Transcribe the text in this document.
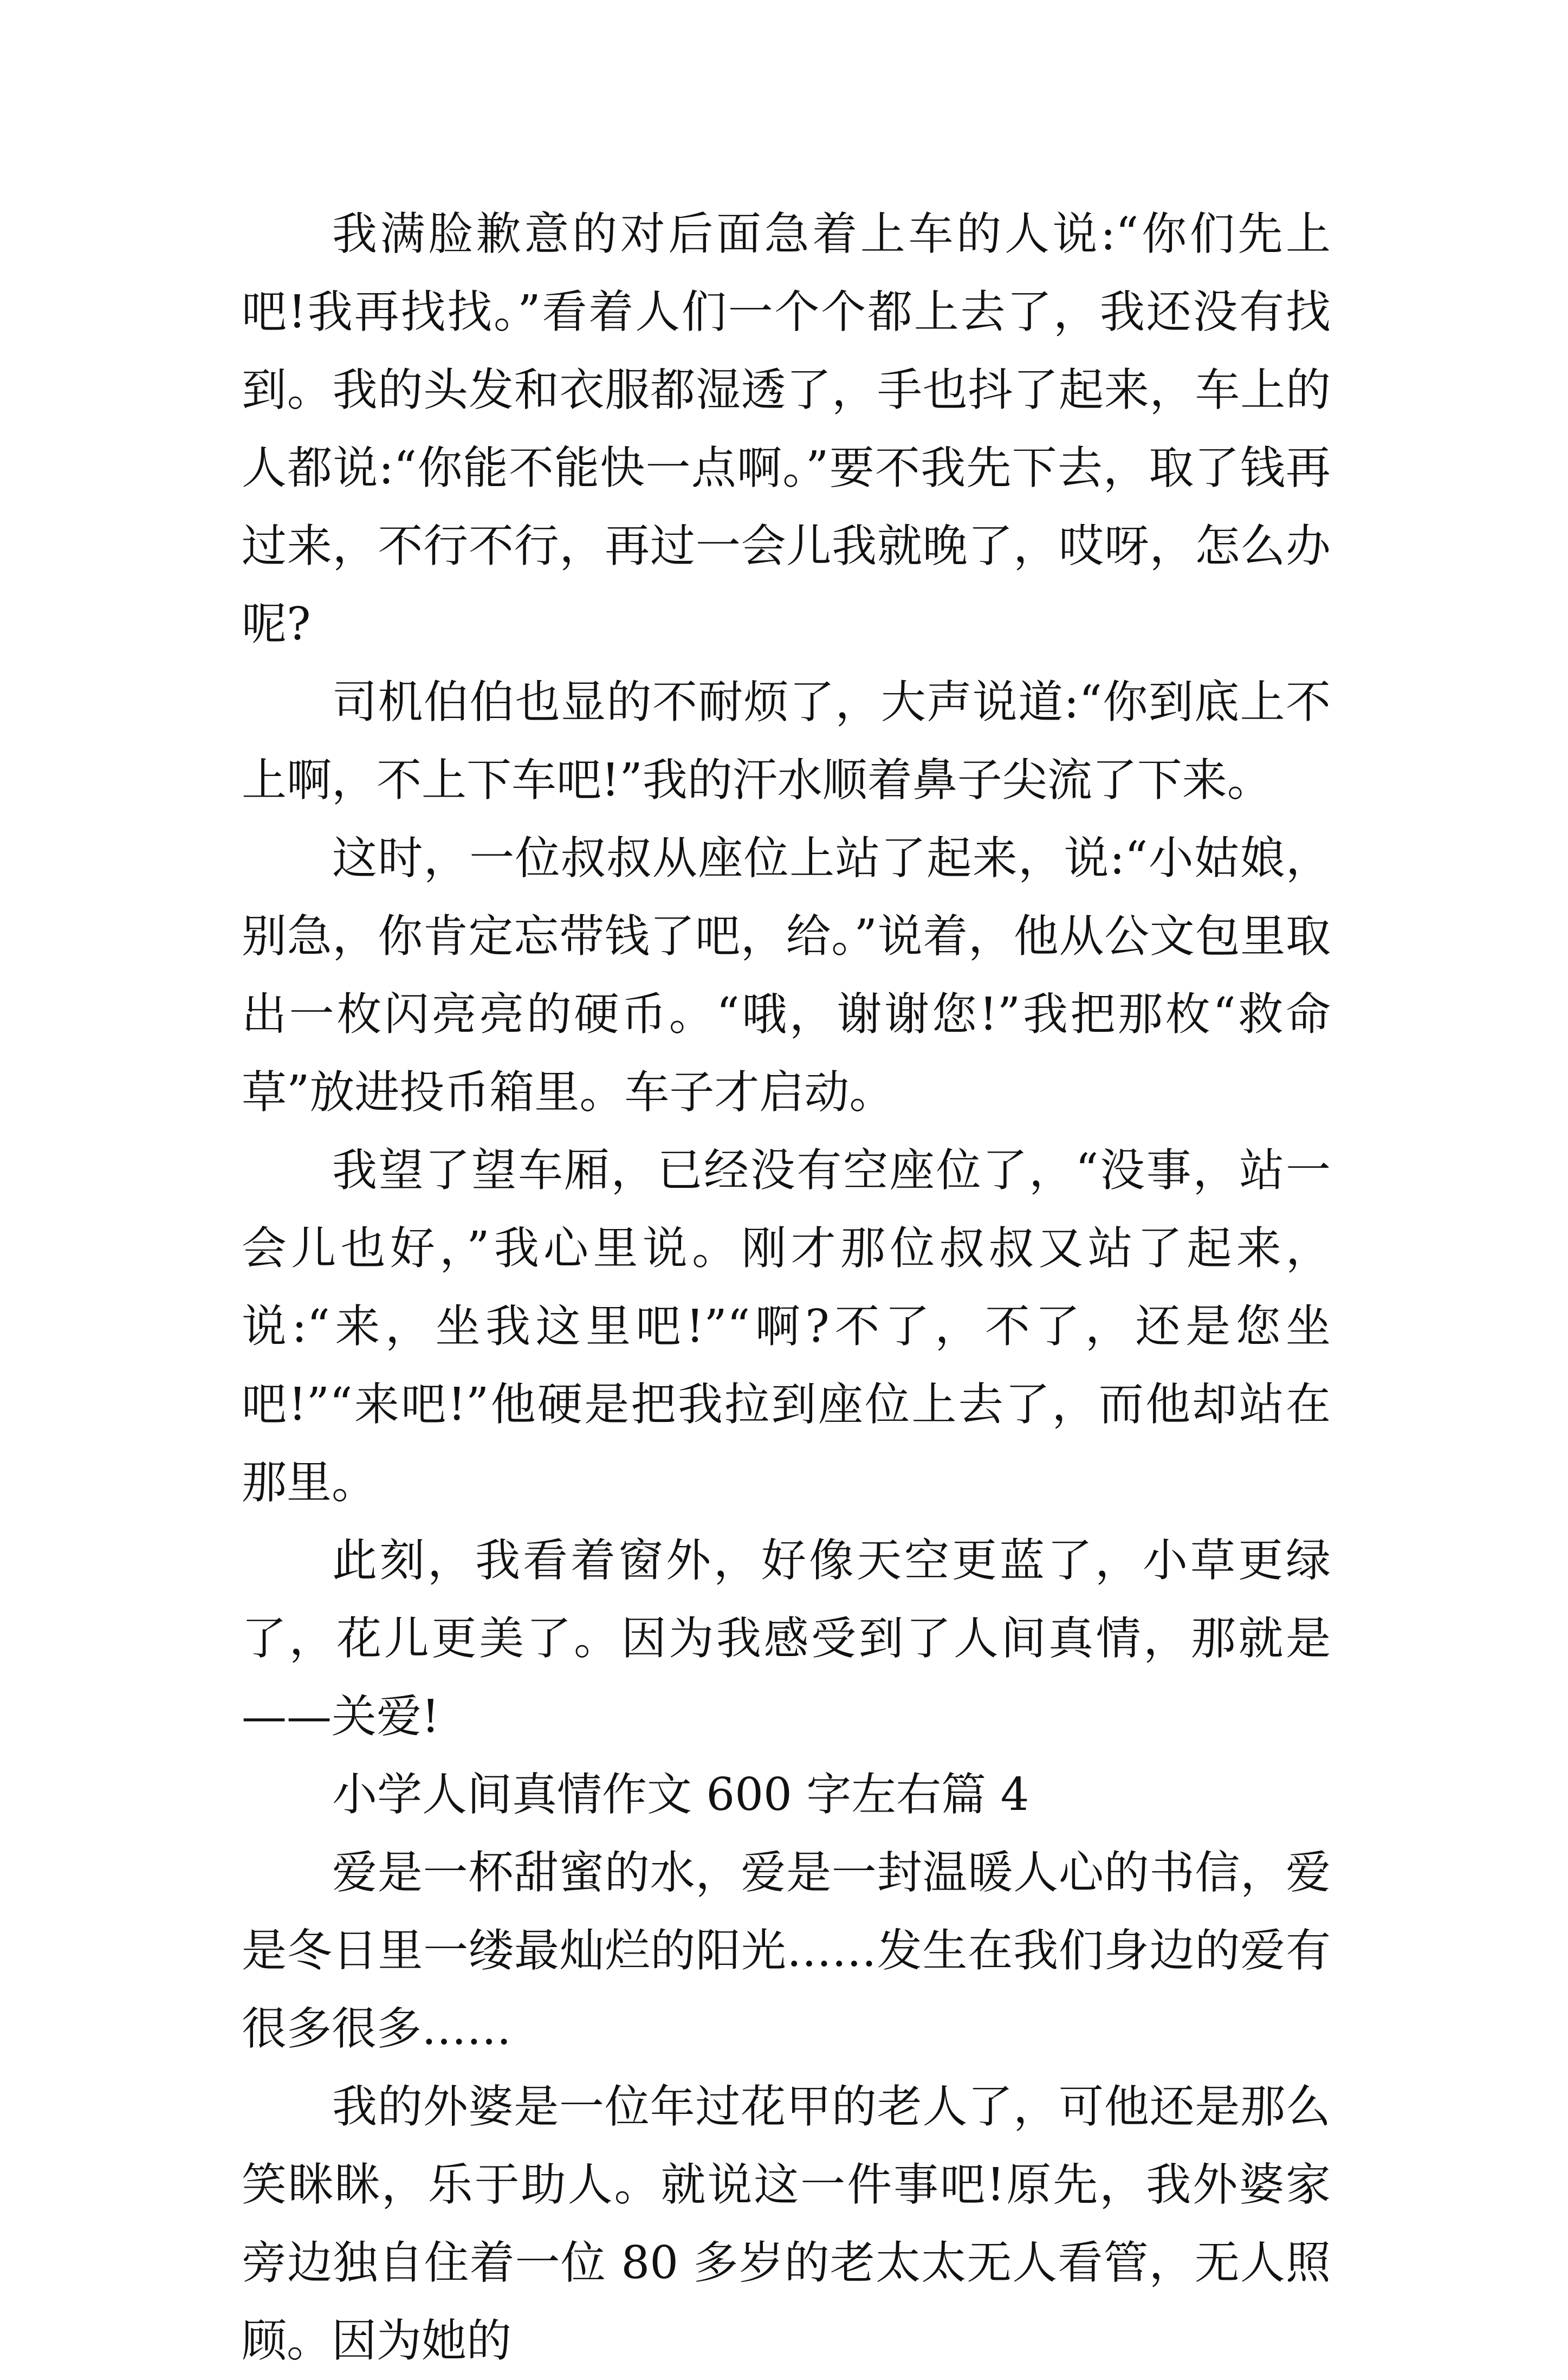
我满脸歉意的对后面急着上车的人说:“你们先上吧!我再找找。”看着人们一个个都上去了，我还没有找到。我的头发和衣服都湿透了，手也抖了起来，车上的人都说:“你能不能快一点啊。”要不我先下去，取了钱再过来，不行不行，再过一会儿我就晚了，哎呀，怎么办呢?

司机伯伯也显的不耐烦了，大声说道:“你到底上不上啊，不上下车吧!”我的汗水顺着鼻子尖流了下来。

这时，一位叔叔从座位上站了起来，说:“小姑娘，别急，你肯定忘带钱了吧，给。”说着，他从公文包里取出一枚闪亮亮的硬币。“哦，谢谢您!”我把那枚“救命草”放进投币箱里。车子才启动。

我望了望车厢，已经没有空座位了，“没事，站一会儿也好，”我心里说。刚才那位叔叔又站了起来，说:“来，坐我这里吧!”“啊?不了，不了，还是您坐吧!”“来吧!”他硬是把我拉到座位上去了，而他却站在那里。

此刻，我看着窗外，好像天空更蓝了，小草更绿了，花儿更美了。因为我感受到了人间真情，那就是——关爱!

小学人间真情作文 600 字左右篇 4

爱是一杯甜蜜的水，爱是一封温暖人心的书信，爱是冬日里一缕最灿烂的阳光……发生在我们身边的爱有很多很多……

我的外婆是一位年过花甲的老人了，可他还是那么笑眯眯，乐于助人。就说这一件事吧!原先，我外婆家旁边独自住着一位 80 多岁的老太太无人看管，无人照顾。因为她的
